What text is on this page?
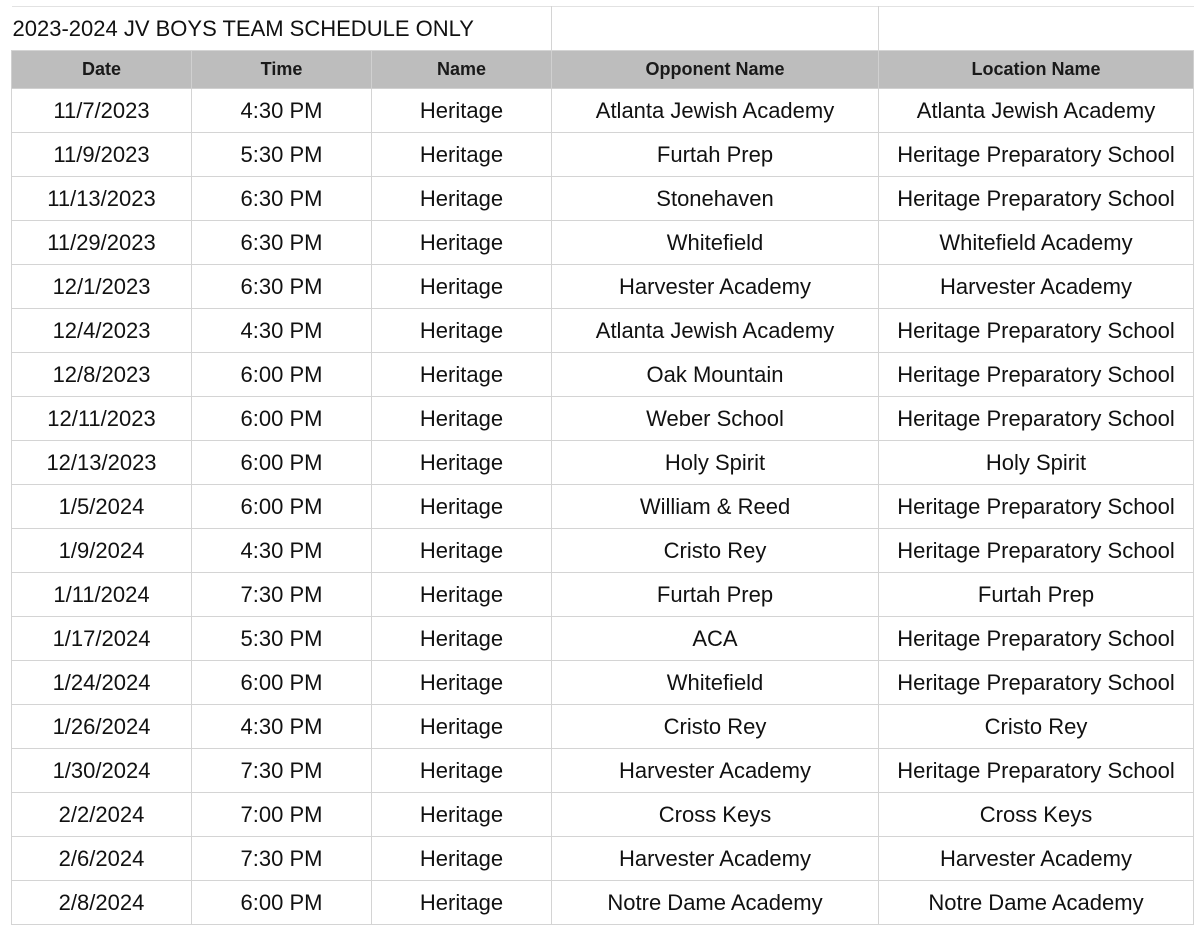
2023-2024 JV BOYS TEAM SCHEDULE ONLY				
Date	Time	Name	Opponent Name	Location Name
11/7/2023	4:30 PM	Heritage	Atlanta Jewish Academy	Atlanta Jewish Academy
11/9/2023	5:30 PM	Heritage	Furtah Prep	Heritage Preparatory School
11/13/2023	6:30 PM	Heritage	Stonehaven	Heritage Preparatory School
11/29/2023	6:30 PM	Heritage	Whitefield	Whitefield Academy
12/1/2023	6:30 PM	Heritage	Harvester Academy	Harvester Academy
12/4/2023	4:30 PM	Heritage	Atlanta Jewish Academy	Heritage Preparatory School
12/8/2023	6:00 PM	Heritage	Oak Mountain	Heritage Preparatory School
12/11/2023	6:00 PM	Heritage	Weber School	Heritage Preparatory School
12/13/2023	6:00 PM	Heritage	Holy Spirit	Holy Spirit
1/5/2024	6:00 PM	Heritage	William & Reed	Heritage Preparatory School
1/9/2024	4:30 PM	Heritage	Cristo Rey	Heritage Preparatory School
1/11/2024	7:30 PM	Heritage	Furtah Prep	Furtah Prep
1/17/2024	5:30 PM	Heritage	ACA	Heritage Preparatory School
1/24/2024	6:00 PM	Heritage	Whitefield	Heritage Preparatory School
1/26/2024	4:30 PM	Heritage	Cristo Rey	Cristo Rey
1/30/2024	7:30 PM	Heritage	Harvester Academy	Heritage Preparatory School
2/2/2024	7:00 PM	Heritage	Cross Keys	Cross Keys
2/6/2024	7:30 PM	Heritage	Harvester Academy	Harvester Academy
2/8/2024	6:00 PM	Heritage	Notre Dame Academy	Notre Dame Academy
